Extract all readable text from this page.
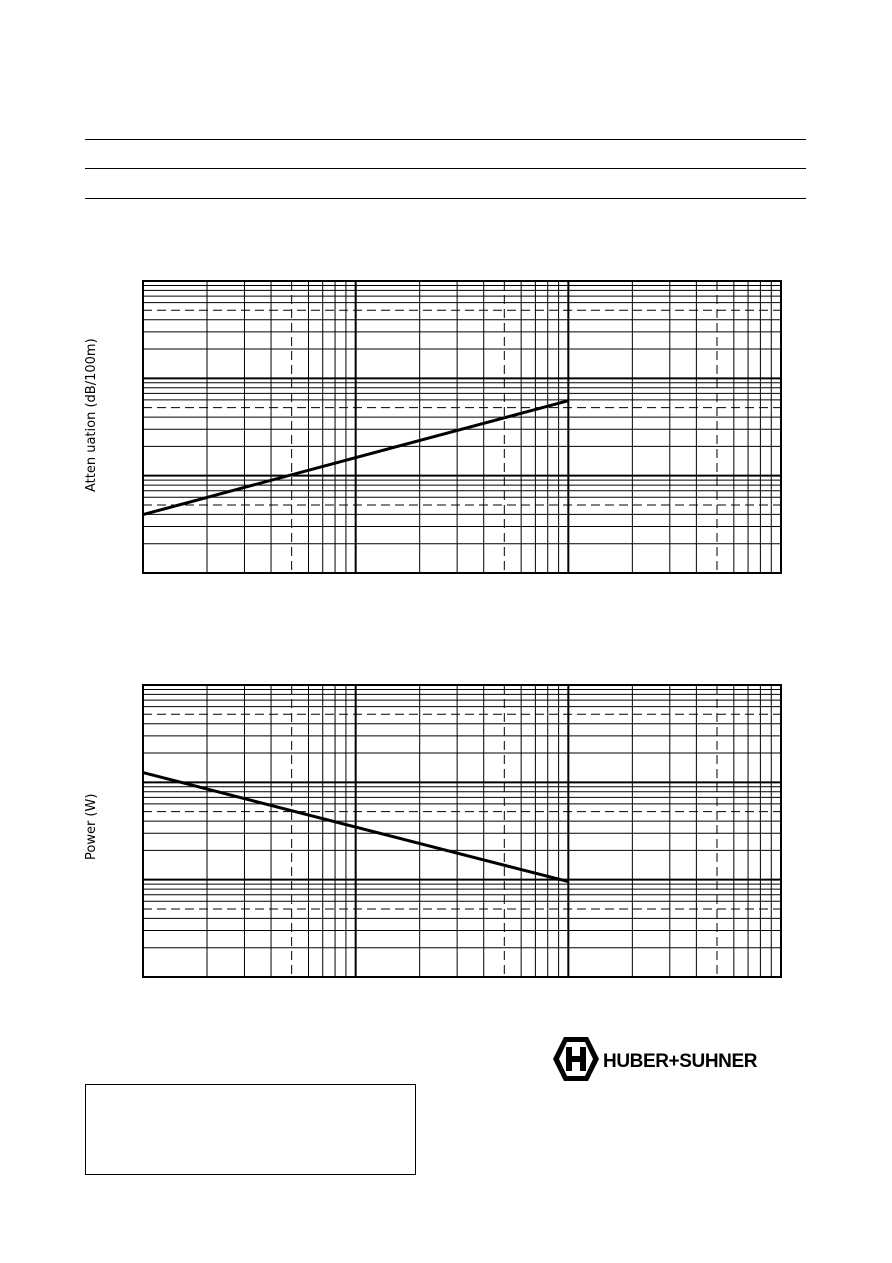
Atten uation (dB/100m)
Power (W)
HUBER+SUHNER
